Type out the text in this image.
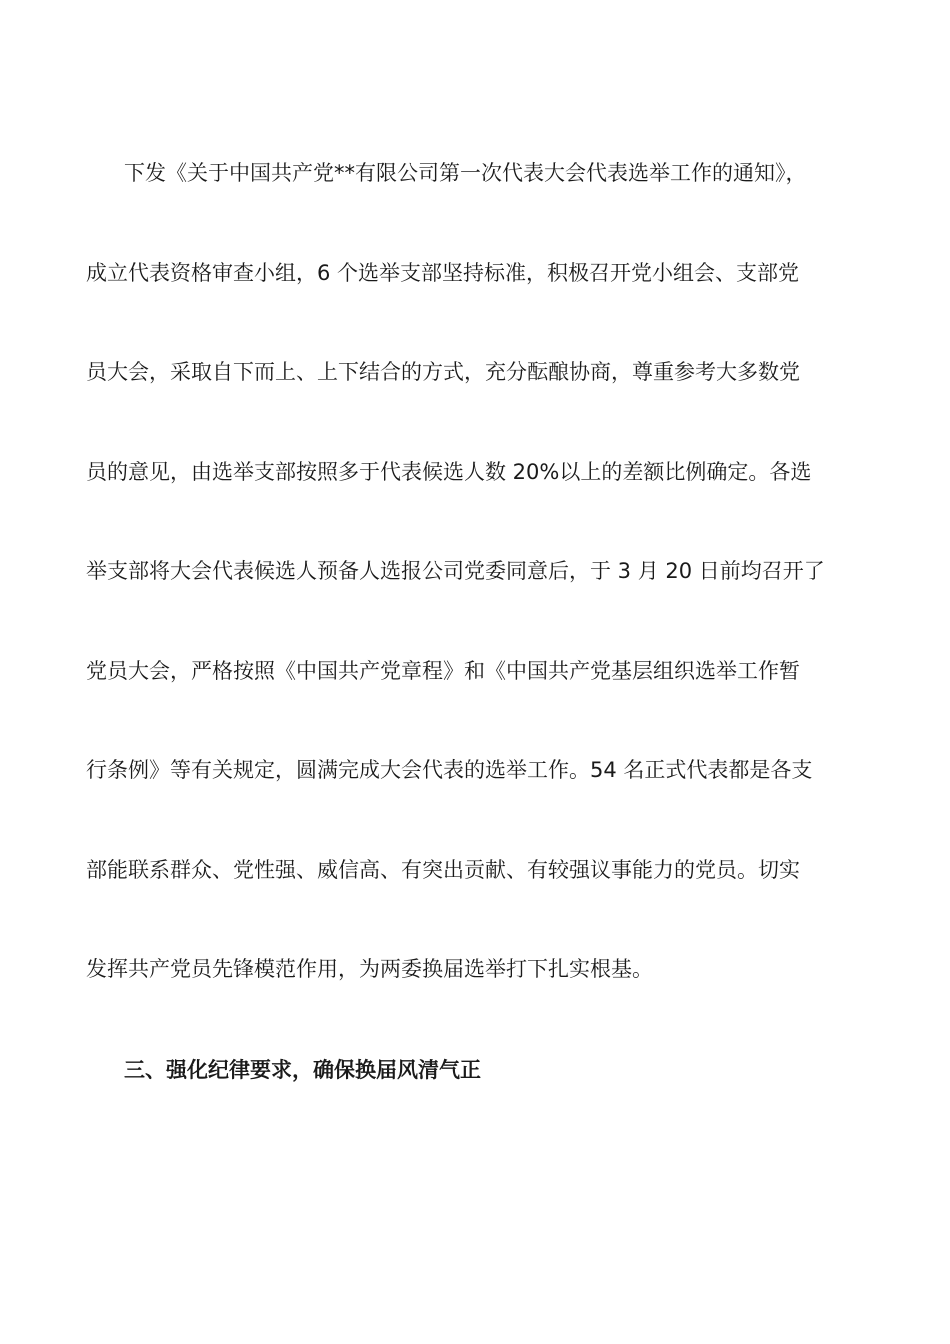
下发《关于中国共产党**有限公司第一次代表大会代表选举工作的通知》，
成立代表资格审查小组，6 个选举支部坚持标准，积极召开党小组会、支部党
员大会，采取自下而上、上下结合的方式，充分酝酿协商，尊重参考大多数党
员的意见，由选举支部按照多于代表候选人数 20%以上的差额比例确定。各选
举支部将大会代表候选人预备人选报公司党委同意后，于 3 月 20 日前均召开了
党员大会，严格按照《中国共产党章程》和《中国共产党基层组织选举工作暂
行条例》等有关规定，圆满完成大会代表的选举工作。54 名正式代表都是各支
部能联系群众、党性强、威信高、有突出贡献、有较强议事能力的党员。切实
发挥共产党员先锋模范作用，为两委换届选举打下扎实根基。
三、强化纪律要求，确保换届风清气正
